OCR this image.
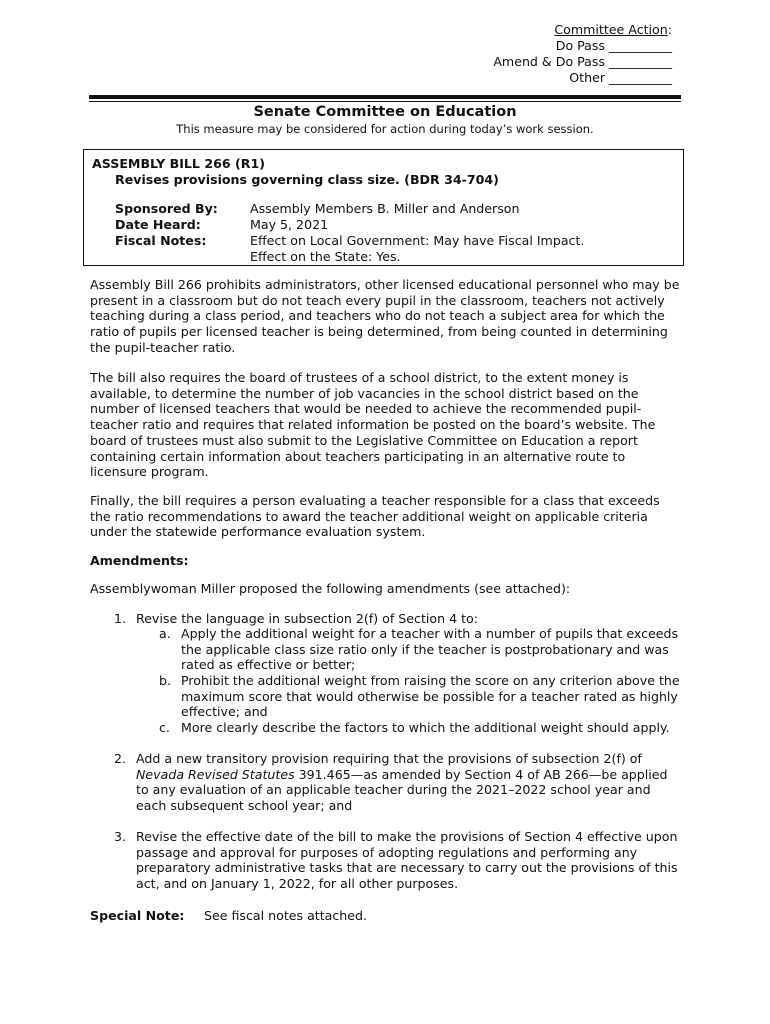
Committee Action:
Do Pass __________
Amend & Do Pass __________
Other __________
Senate Committee on Education
This measure may be considered for action during today’s work session.
ASSEMBLY BILL 266 (R1)
Revises provisions governing class size. (BDR 34-704)
Sponsored By:	Assembly Members B. Miller and Anderson
Date Heard:	May 5, 2021
Fiscal Notes:	Effect on Local Government: May have Fiscal Impact.
Effect on the State: Yes.
Assembly Bill 266 prohibits administrators, other licensed educational personnel who may be present in a classroom but do not teach every pupil in the classroom, teachers not actively teaching during a class period, and teachers who do not teach a subject area for which the ratio of pupils per licensed teacher is being determined, from being counted in determining the pupil-teacher ratio.
The bill also requires the board of trustees of a school district, to the extent money is available, to determine the number of job vacancies in the school district based on the number of licensed teachers that would be needed to achieve the recommended pupil-teacher ratio and requires that related information be posted on the board’s website. The board of trustees must also submit to the Legislative Committee on Education a report containing certain information about teachers participating in an alternative route to licensure program.
Finally, the bill requires a person evaluating a teacher responsible for a class that exceeds the ratio recommendations to award the teacher additional weight on applicable criteria under the statewide performance evaluation system.
Amendments:
Assemblywoman Miller proposed the following amendments (see attached):
1. Revise the language in subsection 2(f) of Section 4 to:
a. Apply the additional weight for a teacher with a number of pupils that exceeds the applicable class size ratio only if the teacher is postprobationary and was rated as effective or better;
b. Prohibit the additional weight from raising the score on any criterion above the maximum score that would otherwise be possible for a teacher rated as highly effective; and
c. More clearly describe the factors to which the additional weight should apply.
2. Add a new transitory provision requiring that the provisions of subsection 2(f) of Nevada Revised Statutes 391.465—as amended by Section 4 of AB 266—be applied to any evaluation of an applicable teacher during the 2021–2022 school year and each subsequent school year; and
3. Revise the effective date of the bill to make the provisions of Section 4 effective upon passage and approval for purposes of adopting regulations and performing any preparatory administrative tasks that are necessary to carry out the provisions of this act, and on January 1, 2022, for all other purposes.
Special Note: See fiscal notes attached.
